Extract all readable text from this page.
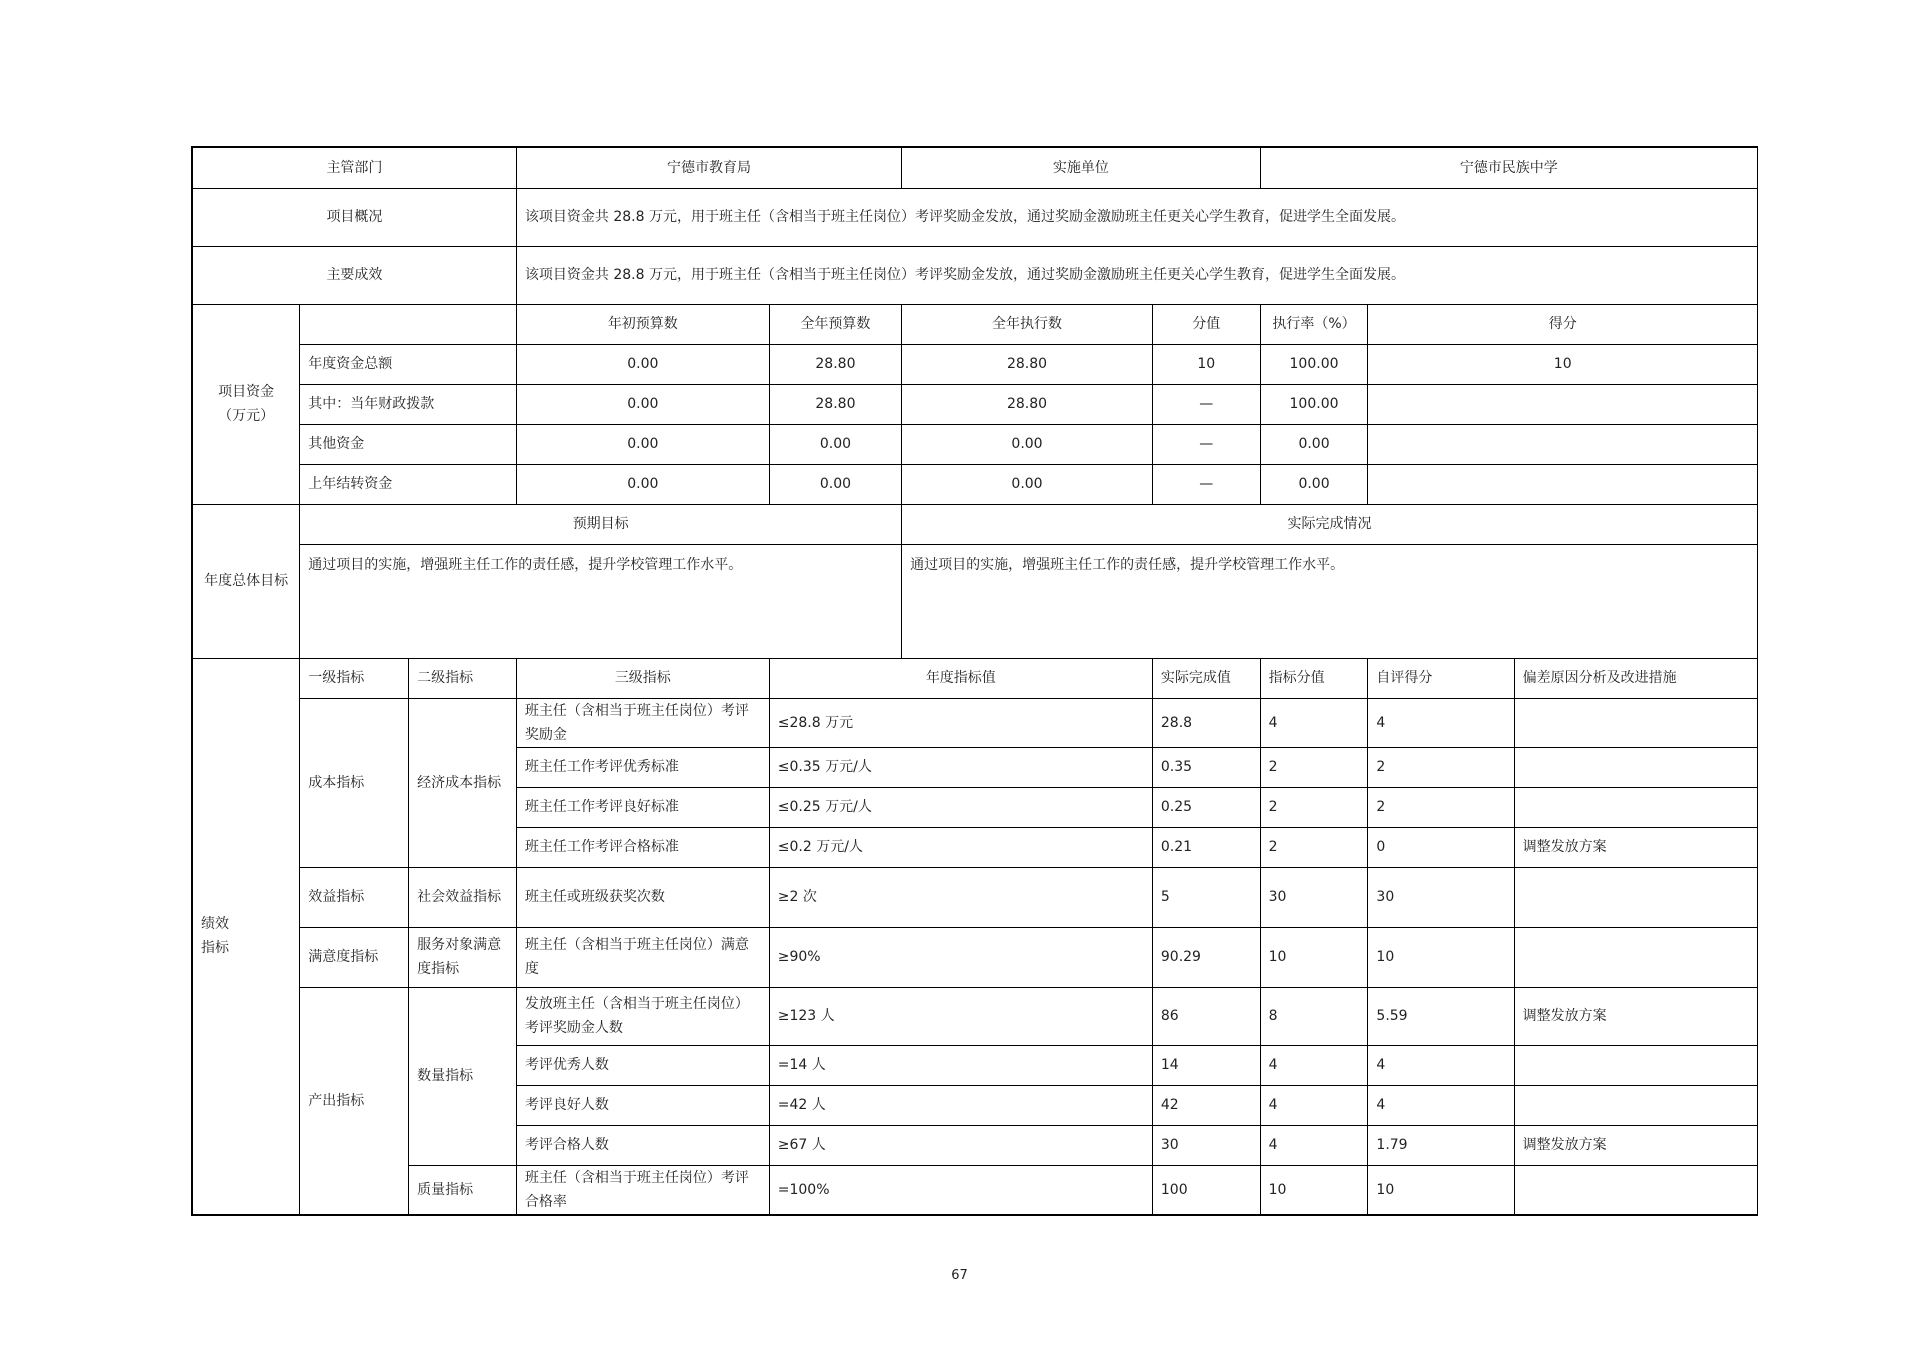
主管部门			宁德市教育局		实施单位		宁德市民族中学		
项目概况			该项目资金共 28.8 万元，用于班主任（含相当于班主任岗位）考评奖励金发放，通过奖励金激励班主任更关心学生教育，促进学生全面发展。						
主要成效			该项目资金共 28.8 万元，用于班主任（含相当于班主任岗位）考评奖励金发放，通过奖励金激励班主任更关心学生教育，促进学生全面发展。						

项目资金
（万元）			年初预算数	全年预算数	全年执行数	分值	执行率（%）	得分	
	年度资金总额		0.00	28.80	28.80	10	100.00	10	
	其中：当年财政拨款		0.00	28.80	28.80	—	100.00		
	其他资金		0.00	0.00	0.00	—	0.00		
	上年结转资金		0.00	0.00	0.00	—	0.00		
年度总体目标	预期目标				实际完成情况				
	通过项目的实施，增强班主任工作的责任感，提升学校管理工作水平。				通过项目的实施，增强班主任工作的责任感，提升学校管理工作水平。				

绩效
指标	一级指标	二级指标	三级指标	年度指标值		实际完成值	指标分值	自评得分	偏差原因分析及改进措施
	成本指标	经济成本指标	班主任（含相当于班主任岗位）考评奖励金	≤28.8 万元		28.8	4	4	
			班主任工作考评优秀标准	≤0.35 万元/人		0.35	2	2	
			班主任工作考评良好标准	≤0.25 万元/人		0.25	2	2	
			班主任工作考评合格标准	≤0.2 万元/人		0.21	2	0	调整发放方案
	效益指标	社会效益指标	班主任或班级获奖次数	≥2 次		5	30	30	
	满意度指标	服务对象满意度指标	班主任（含相当于班主任岗位）满意度	≥90%		90.29	10	10	
	产出指标	数量指标	发放班主任（含相当于班主任岗位）考评奖励金人数	≥123 人		86	8	5.59	调整发放方案
			考评优秀人数	=14 人		14	4	4	
			考评良好人数	=42 人		42	4	4	
			考评合格人数	≥67 人		30	4	1.79	调整发放方案
		质量指标	班主任（含相当于班主任岗位）考评合格率	=100%		100	10	10	
67
